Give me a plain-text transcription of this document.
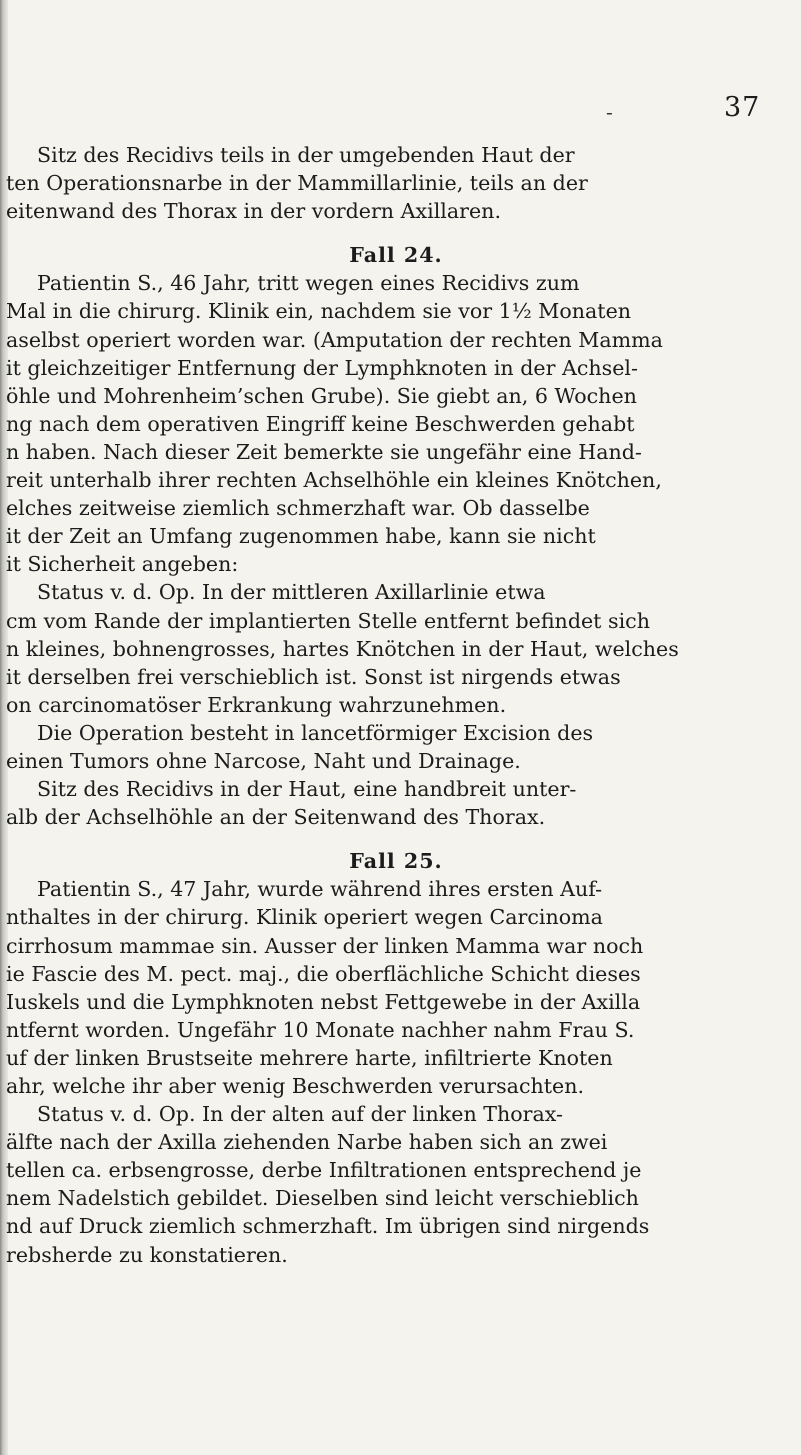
-	37
Sitz des Recidivs teils in der umgebenden Haut der
ten Operationsnarbe in der Mammillarlinie, teils an der
eitenwand des Thorax in der vordern Axillaren.
Fall 24.
Patientin S., 46 Jahr, tritt wegen eines Recidivs zum
Mal in die chirurg. Klinik ein, nachdem sie vor 1½ Monaten
aselbst operiert worden war. (Amputation der rechten Mamma
it gleichzeitiger Entfernung der Lymphknoten in der Achsel-
öhle und Mohrenheim’schen Grube). Sie giebt an, 6 Wochen
ng nach dem operativen Eingriff keine Beschwerden gehabt
n haben. Nach dieser Zeit bemerkte sie ungefähr eine Hand-
reit unterhalb ihrer rechten Achselhöhle ein kleines Knötchen,
elches zeitweise ziemlich schmerzhaft war. Ob dasselbe
it der Zeit an Umfang zugenommen habe, kann sie nicht
it Sicherheit angeben:
Status v. d. Op. In der mittleren Axillarlinie etwa
cm vom Rande der implantierten Stelle entfernt befindet sich
n kleines, bohnengrosses, hartes Knötchen in der Haut, welches
it derselben frei verschieblich ist. Sonst ist nirgends etwas
on carcinomatöser Erkrankung wahrzunehmen.
Die Operation besteht in lancetförmiger Excision des
einen Tumors ohne Narcose, Naht und Drainage.
Sitz des Recidivs in der Haut, eine handbreit unter-
alb der Achselhöhle an der Seitenwand des Thorax.
Fall 25.
Patientin S., 47 Jahr, wurde während ihres ersten Auf-
nthaltes in der chirurg. Klinik operiert wegen Carcinoma
cirrhosum mammae sin. Ausser der linken Mamma war noch
ie Fascie des M. pect. maj., die oberflächliche Schicht dieses
Iuskels und die Lymphknoten nebst Fettgewebe in der Axilla
ntfernt worden. Ungefähr 10 Monate nachher nahm Frau S.
uf der linken Brustseite mehrere harte, infiltrierte Knoten
ahr, welche ihr aber wenig Beschwerden verursachten.
Status v. d. Op. In der alten auf der linken Thorax-
älfte nach der Axilla ziehenden Narbe haben sich an zwei
tellen ca. erbsengrosse, derbe Infiltrationen entsprechend je
nem Nadelstich gebildet. Dieselben sind leicht verschieblich
nd auf Druck ziemlich schmerzhaft. Im übrigen sind nirgends
rebsherde zu konstatieren.
